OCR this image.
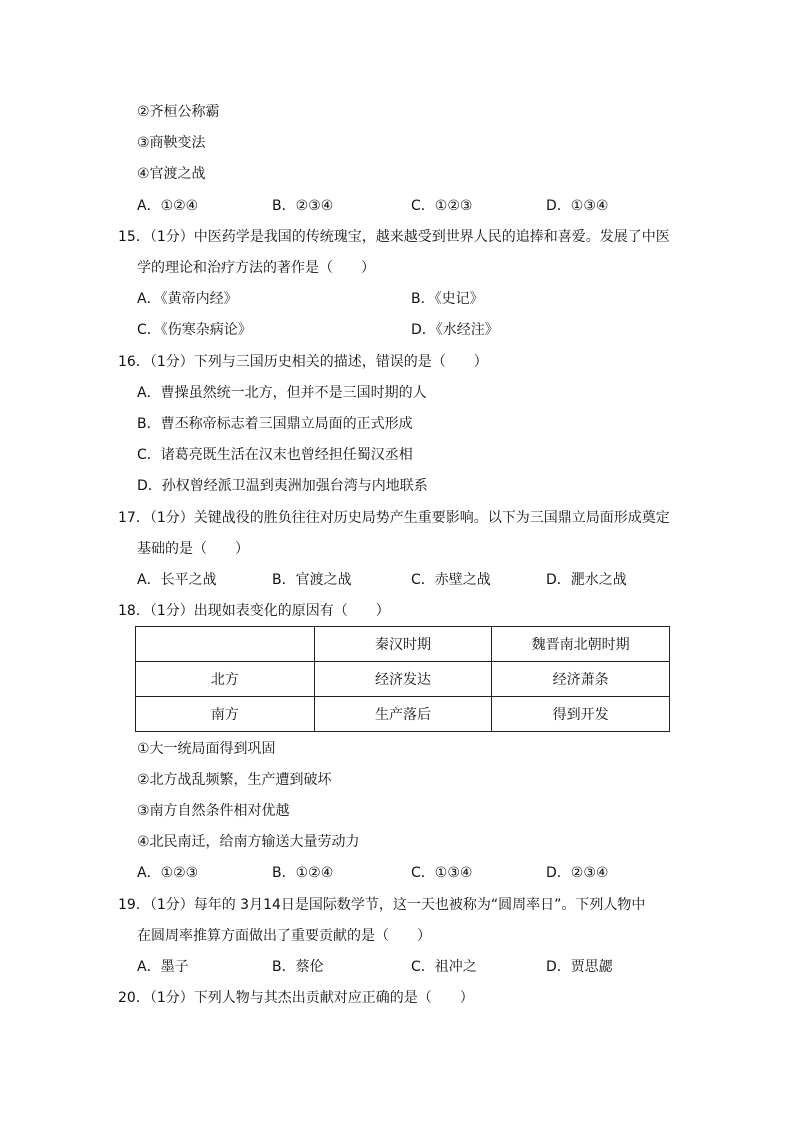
②齐桓公称霸
③商鞅变法
④官渡之战
A．①②④	B．②③④	C．①②③	D．①③④
15．（1分）中医药学是我国的传统瑰宝，越来越受到世界人民的追捧和喜爱。发展了中医
学的理论和治疗方法的著作是（　　）
A．《黄帝内经》	B．《史记》
C．《伤寒杂病论》	D．《水经注》
16．（1分）下列与三国历史相关的描述，错误的是（　　）
A．曹操虽然统一北方，但并不是三国时期的人
B．曹丕称帝标志着三国鼎立局面的正式形成
C．诸葛亮既生活在汉末也曾经担任蜀汉丞相
D．孙权曾经派卫温到夷洲加强台湾与内地联系
17．（1分）关键战役的胜负往往对历史局势产生重要影响。以下为三国鼎立局面形成奠定
基础的是（　　）
A．长平之战	B．官渡之战	C．赤壁之战	D．淝水之战
18．（1分）出现如表变化的原因有（　　）
	秦汉时期	魏晋南北朝时期
北方	经济发达	经济萧条
南方	生产落后	得到开发
①大一统局面得到巩固
②北方战乱频繁，生产遭到破坏
③南方自然条件相对优越
④北民南迁，给南方输送大量劳动力
A．①②③	B．①②④	C．①③④	D．②③④
19．（1分）每年的 3月14日是国际数学节，这一天也被称为“圆周率日”。下列人物中
在圆周率推算方面做出了重要贡献的是（　　）
A．墨子	B．蔡伦	C．祖冲之	D．贾思勰
20．（1分）下列人物与其杰出贡献对应正确的是（　　）
